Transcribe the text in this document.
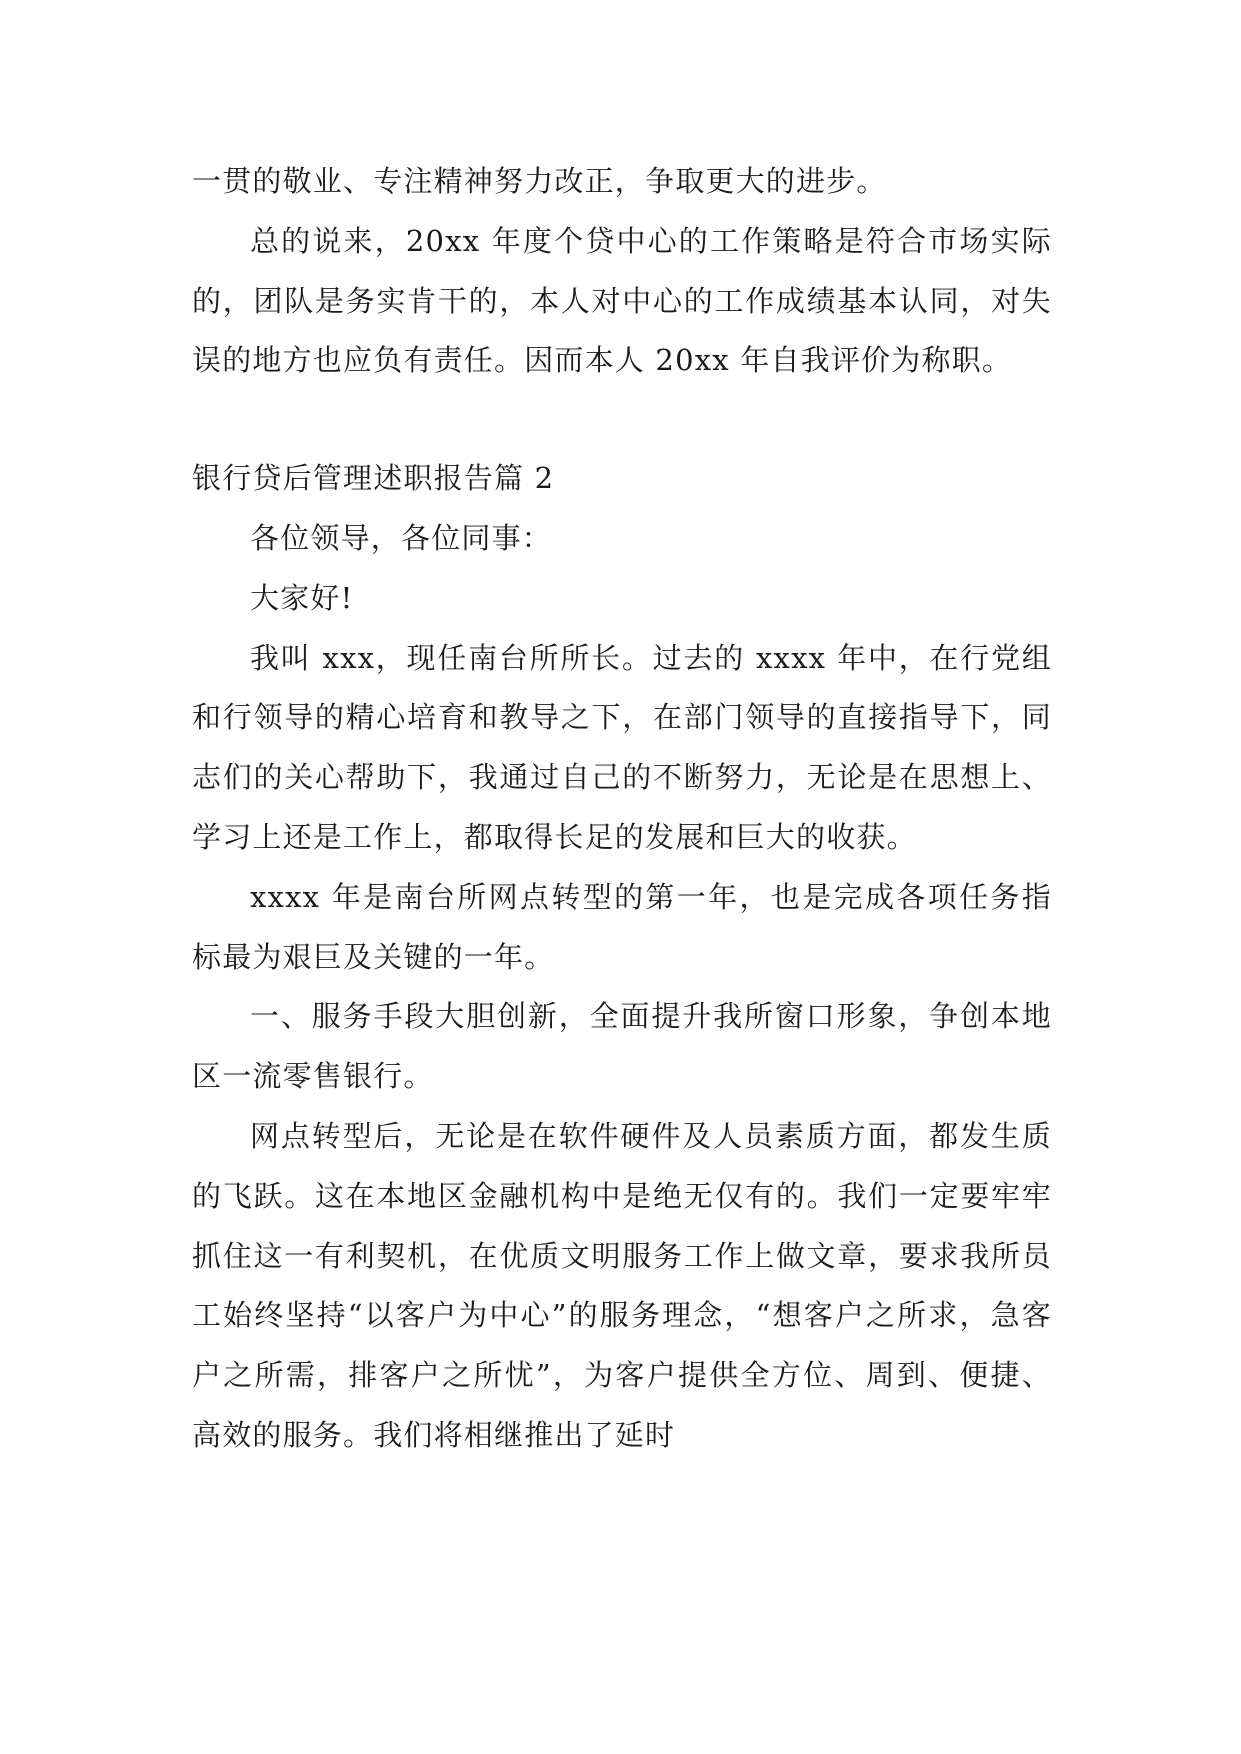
一贯的敬业、专注精神努力改正，争取更大的进步。

总的说来，20xx 年度个贷中心的工作策略是符合市场实际的，团队是务实肯干的，本人对中心的工作成绩基本认同，对失误的地方也应负有责任。因而本人 20xx 年自我评价为称职。

银行贷后管理述职报告篇 2

各位领导，各位同事：

大家好!

我叫 xxx，现任南台所所长。过去的 xxxx 年中，在行党组和行领导的精心培育和教导之下，在部门领导的直接指导下，同志们的关心帮助下，我通过自己的不断努力，无论是在思想上、学习上还是工作上，都取得长足的发展和巨大的收获。

xxxx 年是南台所网点转型的第一年，也是完成各项任务指标最为艰巨及关键的一年。

一、服务手段大胆创新，全面提升我所窗口形象，争创本地区一流零售银行。

网点转型后，无论是在软件硬件及人员素质方面，都发生质的飞跃。这在本地区金融机构中是绝无仅有的。我们一定要牢牢抓住这一有利契机，在优质文明服务工作上做文章，要求我所员工始终坚持“以客户为中心”的服务理念，“想客户之所求，急客户之所需，排客户之所忧”，为客户提供全方位、周到、便捷、高效的服务。我们将相继推出了延时
